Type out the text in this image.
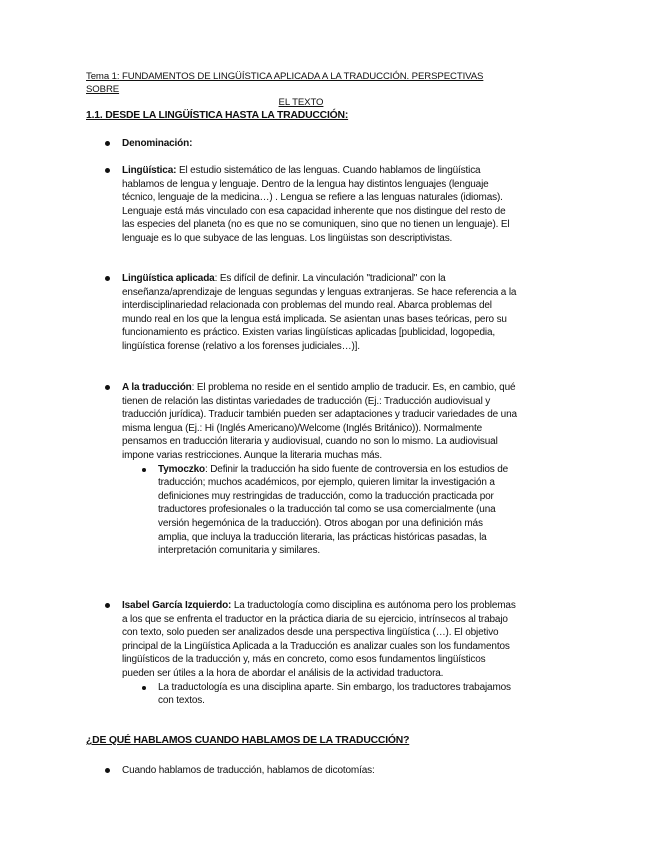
Tema 1: FUNDAMENTOS DE LINGÜÍSTICA APLICADA A LA TRADUCCIÓN. PERSPECTIVAS SOBRE
EL TEXTO
1.1. DESDE LA LINGÜÍSTICA HASTA LA TRADUCCIÓN:
Denominación:
Lingüística: El estudio sistemático de las lenguas. Cuando hablamos de lingüística hablamos de lengua y lenguaje. Dentro de la lengua hay distintos lenguajes (lenguaje técnico, lenguaje de la medicina…) . Lengua se refiere a las lenguas naturales (idiomas). Lenguaje está más vinculado con esa capacidad inherente que nos distingue del resto de las especies del planeta (no es que no se comuniquen, sino que no tienen un lenguaje). El lenguaje es lo que subyace de las lenguas. Los lingüistas son descriptivistas.
Lingüística aplicada: Es difícil de definir. La vinculación "tradicional" con la enseñanza/aprendizaje de lenguas segundas y lenguas extranjeras. Se hace referencia a la interdisciplinariedad relacionada con problemas del mundo real. Abarca problemas del mundo real en los que la lengua está implicada. Se asientan unas bases teóricas, pero su funcionamiento es práctico. Existen varias lingüísticas aplicadas [publicidad, logopedia, lingüística forense (relativo a los forenses judiciales…)].
A la traducción: El problema no reside en el sentido amplio de traducir. Es, en cambio, qué tienen de relación las distintas variedades de traducción (Ej.: Traducción audiovisual y traducción jurídica). Traducir también pueden ser adaptaciones y traducir variedades de una misma lengua (Ej.: Hi (Inglés Americano)/Welcome (Inglés Británico)). Normalmente pensamos en traducción literaria y audiovisual, cuando no son lo mismo. La audiovisual impone varias restricciones. Aunque la literaria muchas más.
Tymoczko: Definir la traducción ha sido fuente de controversia en los estudios de traducción; muchos académicos, por ejemplo, quieren limitar la investigación a definiciones muy restringidas de traducción, como la traducción practicada por traductores profesionales o la traducción tal como se usa comercialmente (una versión hegemónica de la traducción). Otros abogan por una definición más amplia, que incluya la traducción literaria, las prácticas históricas pasadas, la interpretación comunitaria y similares.
Isabel García Izquierdo: La traductología como disciplina es autónoma pero los problemas a los que se enfrenta el traductor en la práctica diaria de su ejercicio, intrínsecos al trabajo con texto, solo pueden ser analizados desde una perspectiva lingüística (…). El objetivo principal de la Lingüística Aplicada a la Traducción es analizar cuales son los fundamentos lingüísticos de la traducción y, más en concreto, como esos fundamentos lingüísticos pueden ser útiles a la hora de abordar el análisis de la actividad traductora.
La traductología es una disciplina aparte. Sin embargo, los traductores trabajamos con textos.
¿DE QUÉ HABLAMOS CUANDO HABLAMOS DE LA TRADUCCIÓN?
Cuando hablamos de traducción, hablamos de dicotomías:
